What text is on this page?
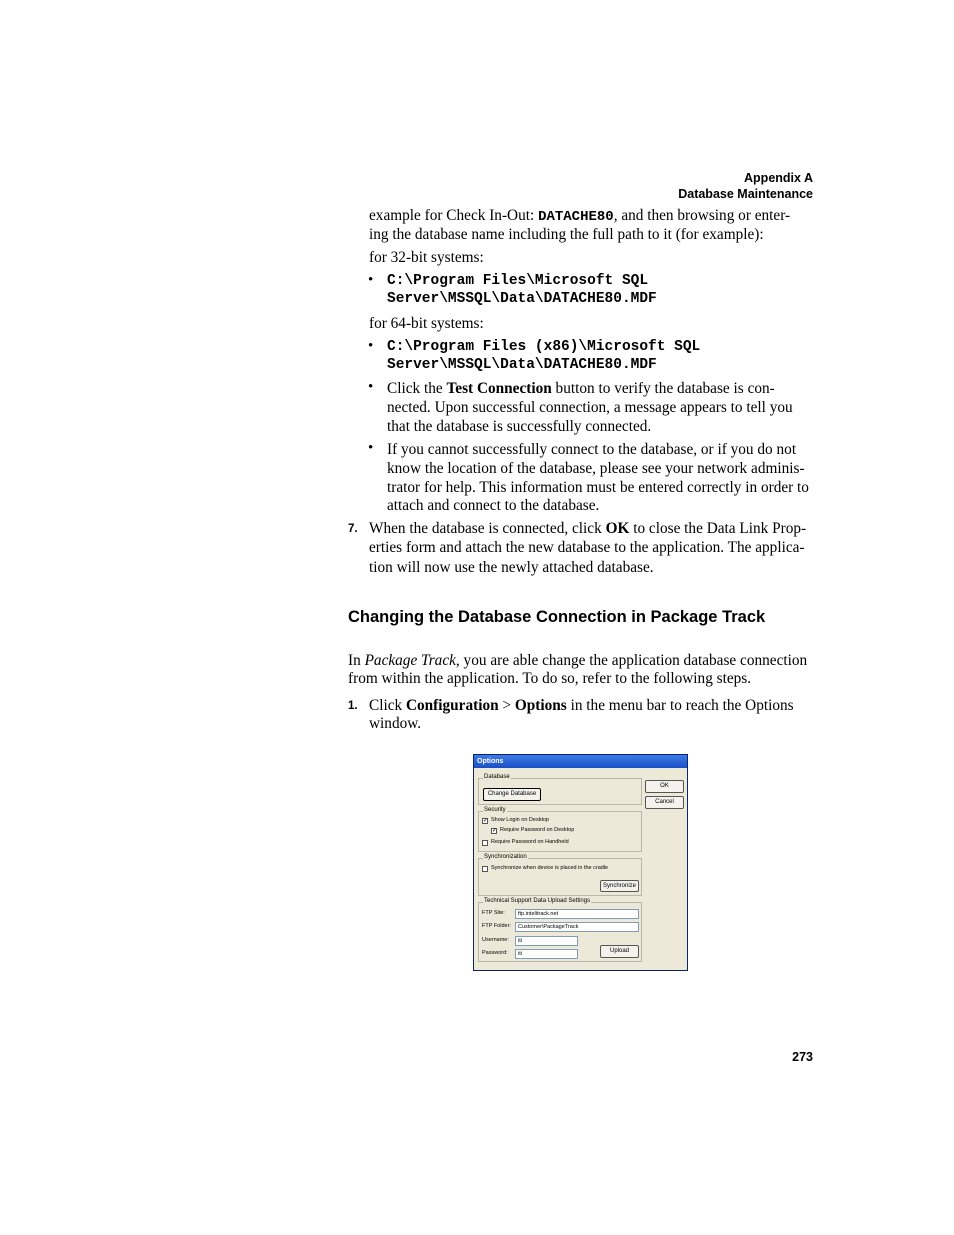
Appendix A
Database Maintenance
example for Check In-Out: DATACHE80, and then browsing or enter-
ing the database name including the full path to it (for example):
for 32-bit systems:
• C:\Program Files\Microsoft SQL
Server\MSSQL\Data\DATACHE80.MDF
for 64-bit systems:
• C:\Program Files (x86)\Microsoft SQL
Server\MSSQL\Data\DATACHE80.MDF
• Click the Test Connection button to verify the database is con-
nected. Upon successful connection, a message appears to tell you
that the database is successfully connected.
• If you cannot successfully connect to the database, or if you do not
know the location of the database, please see your network adminis-
trator for help. This information must be entered correctly in order to
attach and connect to the database.
7. When the database is connected, click OK to close the Data Link Prop-
erties form and attach the new database to the application. The applica-
tion will now use the newly attached database.
Changing the Database Connection in Package Track
In Package Track, you are able change the application database connection
from within the application. To do so, refer to the following steps.
1. Click Configuration > Options in the menu bar to reach the Options
window.
Options
Database
Change Database
OK
Cancel
Security
✓ Show Login on Desktop
✓ Require Password on Desktop
Require Password on Handheld
Synchronization
Synchronize when device is placed in the cradle
Synchronize
Technical Support Data Upload Settings
FTP Site:	ftp.intelitrack.net
FTP Folder:	Customer\PackageTrack
Username:	iti
Password:	iti	Upload
273
